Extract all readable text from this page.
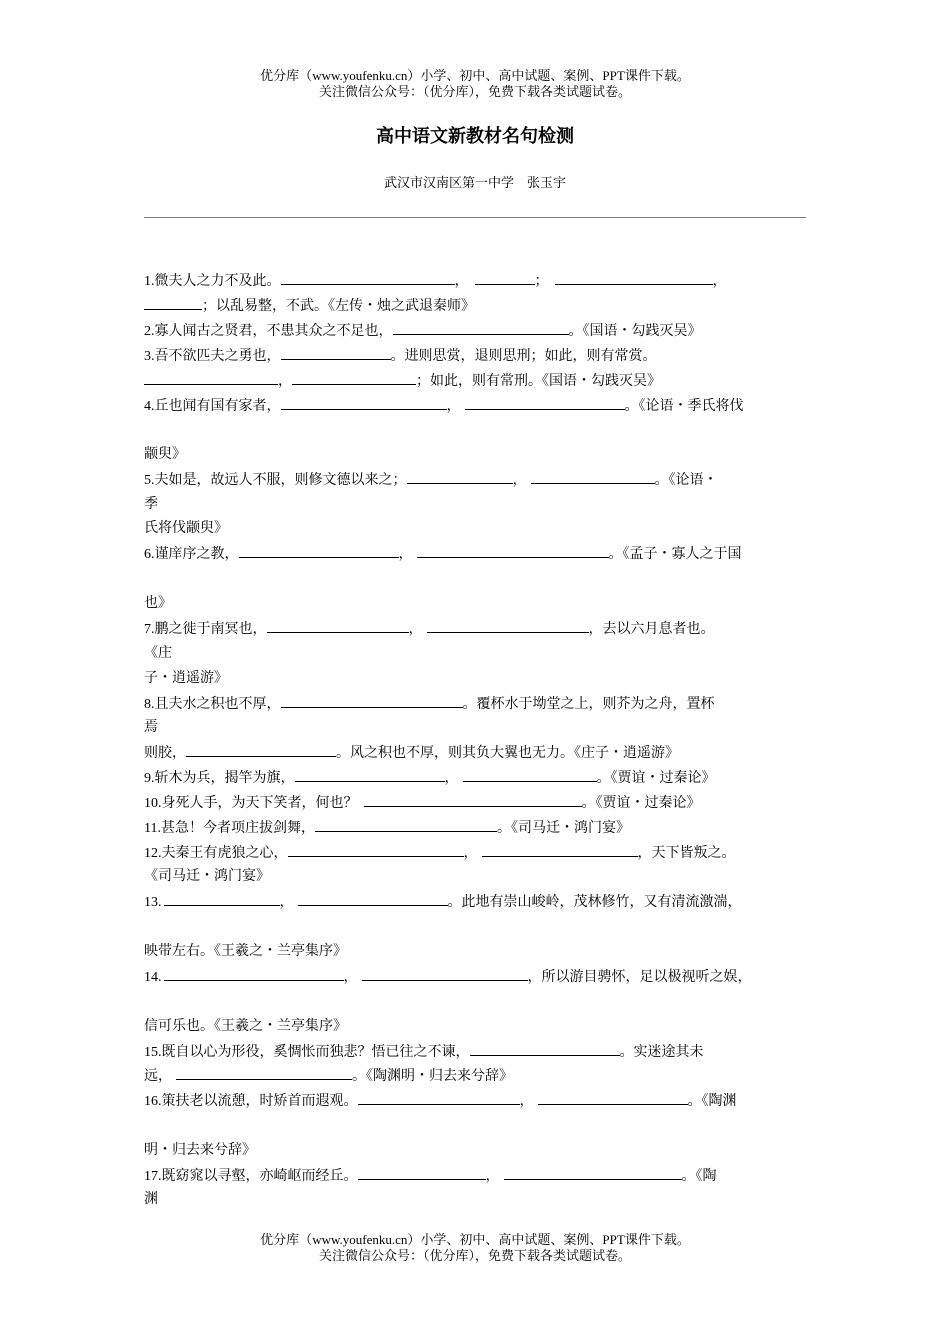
优分库（www.youfenku.cn）小学、初中、高中试题、案例、PPT课件下载。
关注微信公众号：（优分库），免费下载各类试题试卷。
高中语文新教材名句检测
武汉市汉南区第一中学　张玉宇
1.微夫人之力不及此。	，	；	，
；以乱易整，不武。《左传・烛之武退秦师》
2.寡人闻古之贤君，不患其众之不足也，	。《国语・勾践灭吴》
3.吾不欲匹夫之勇也，	。进则思赏，退则思刑；如此，则有常赏。
，	；如此，则有常刑。《国语・勾践灭吴》
4.丘也闻有国有家者，	，	。《论语・季氏将伐
颛臾》
5.夫如是，故远人不服，则修文德以来之；	，	。《论语・
季
氏将伐颛臾》
6.谨庠序之教，	，	。《孟子・寡人之于国
也》
7.鹏之徙于南冥也，	，	，去以六月息者也。
《庄
子・逍遥游》
8.且夫水之积也不厚，	。覆杯水于坳堂之上，则芥为之舟，置杯
焉
则胶，	。风之积也不厚，则其负大翼也无力。《庄子・逍遥游》
9.斩木为兵，揭竿为旗，	，	。《贾谊・过秦论》
10.身死人手，为天下笑者，何也？	。《贾谊・过秦论》
11.甚急！今者项庄拔剑舞，	。《司马迁・鸿门宴》
12.夫秦王有虎狼之心，	，	，天下皆叛之。
《司马迁・鸿门宴》
13.	，	。此地有崇山峻岭，茂林修竹，又有清流激湍，
映带左右。《王羲之・兰亭集序》
14.	，	，所以游目骋怀，足以极视听之娱，
信可乐也。《王羲之・兰亭集序》
15.既自以心为形役，奚惆怅而独悲？悟已往之不谏，	。实迷途其未
远，	。《陶渊明・归去来兮辞》
16.策扶老以流憩，时矫首而遐观。	，	。《陶渊
明・归去来兮辞》
17.既窈窕以寻壑，亦崎岖而经丘。	，	。《陶
渊
优分库（www.youfenku.cn）小学、初中、高中试题、案例、PPT课件下载。
关注微信公众号：（优分库），免费下载各类试题试卷。
